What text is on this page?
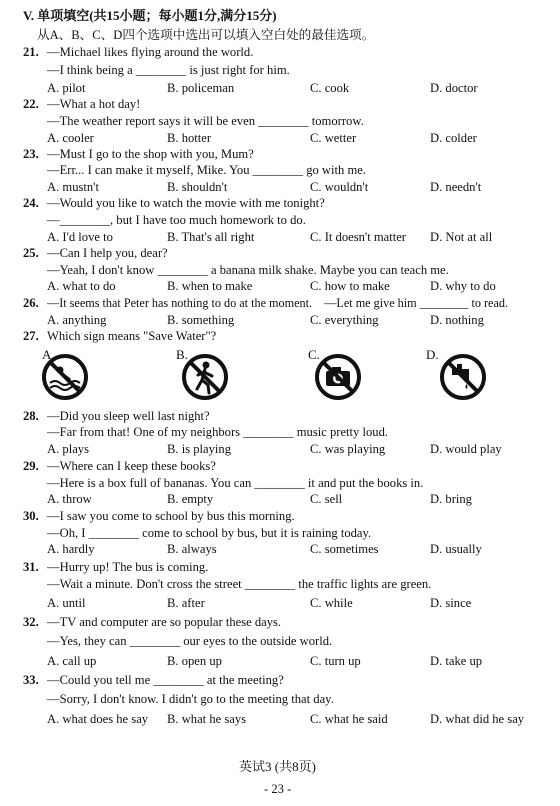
V. 单项填空(共15小题；每小题1分,满分15分)
从A、B、C、D四个选项中选出可以填入空白处的最佳选项。
21. —Michael likes flying around the world.
—I think being a ________ is just right for him.
A. pilot	B. policeman	C. cook	D. doctor
22. —What a hot day!
—The weather report says it will be even ________ tomorrow.
A. cooler	B. hotter	C. wetter	D. colder
23. —Must I go to the shop with you, Mum?
—Err... I can make it myself, Mike. You ________ go with me.
A. mustn't	B. shouldn't	C. wouldn't	D. needn't
24. —Would you like to watch the movie with me tonight?
—________, but I have too much homework to do.
A. I'd love to	B. That's all right	C. It doesn't matter D. Not at all
25. —Can I help you, dear?
—Yeah, I don't know ________ a banana milk shake. Maybe you can teach me.
A. what to do	B. when to make	C. how to make	D. why to do
26. —It seems that Peter has nothing to do at the moment.    —Let me give him ________ to read.
A. anything	B. something	C. everything	D. nothing
27. Which sign means "Save Water"?
A.	B.	C.	D.
28. —Did you sleep well last night?
—Far from that! One of my neighbors ________ music pretty loud.
A. plays	B. is playing	C. was playing	D. would play
29. —Where can I keep these books?
—Here is a box full of bananas. You can ________ it and put the books in.
A. throw	B. empty	C. sell	D. bring
30. —I saw you come to school by bus this morning.
—Oh, I ________ come to school by bus, but it is raining today.
A. hardly	B. always	C. sometimes	D. usually
31. —Hurry up! The bus is coming.
—Wait a minute. Don't cross the street ________ the traffic lights are green.
A. until	B. after	C. while	D. since
32. —TV and computer are so popular these days.
—Yes, they can ________ our eyes to the outside world.
A. call up	B. open up	C. turn up	D. take up
33. —Could you tell me ________ at the meeting?
—Sorry, I don't know. I didn't go to the meeting that day.
A. what does he say B. what he says	C. what he said	D. what did he say
英试3 (共8页)
- 23 -
